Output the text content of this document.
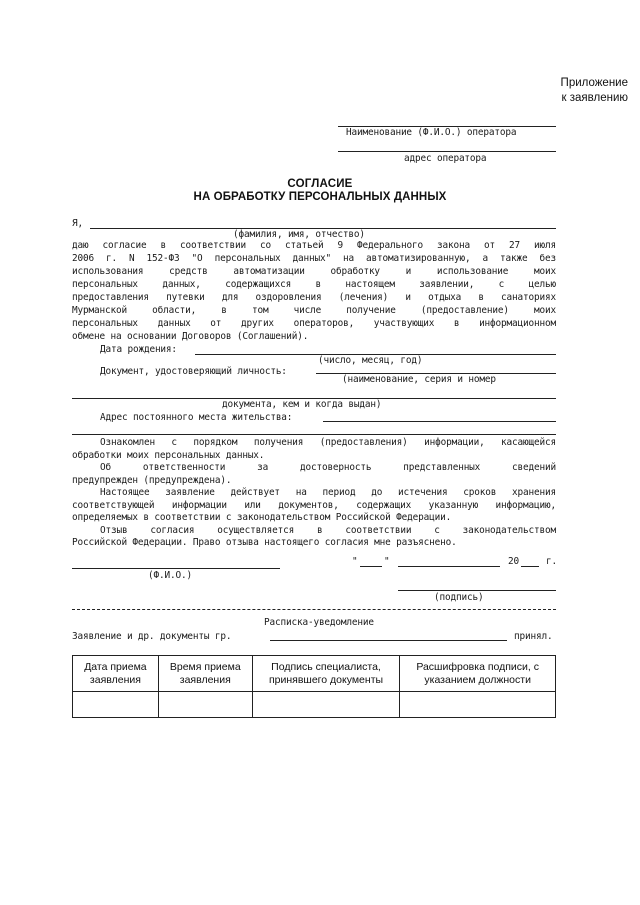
Приложение
к заявлению
Наименование (Ф.И.О.) оператора
адрес оператора
СОГЛАСИЕ
НА ОБРАБОТКУ ПЕРСОНАЛЬНЫХ ДАННЫХ
Я,
(фамилия, имя, отчество)
даю согласие в соответствии со статьей 9 Федерального закона от 27 июля
2006 г. N 152-ФЗ "О персональных данных" на автоматизированную, а также без
использования средств автоматизации обработку и использование моих
персональных данных, содержащихся в настоящем заявлении, с целью
предоставления путевки для оздоровления (лечения) и отдыха в санаториях
Мурманской области, в том числе получение (предоставление) моих
персональных данных от других операторов, участвующих в информационном
обмене на основании Договоров (Соглашений).
Дата рождения:
(число, месяц, год)
Документ, удостоверяющий личность:
(наименование, серия и номер
документа, кем и когда выдан)
Адрес постоянного места жительства:
Ознакомлен с порядком получения (предоставления) информации, касающейся
обработки моих персональных данных.
Об ответственности за достоверность представленных сведений
предупрежден (предупреждена).
Настоящее заявление действует на период до истечения сроков хранения
соответствующей информации или документов, содержащих указанную информацию,
определяемых в соответствии с законодательством Российской Федерации.
Отзыв согласия осуществляется в соответствии с законодательством
Российской Федерации. Право отзыва настоящего согласия мне разъяснено.
(Ф.И.О.)
"	"	20	г.
(подпись)
Расписка-уведомление
Заявление и др. документы гр.	принял.
Дата приема заявления	Время приема заявления	Подпись специалиста, принявшего документы	Расшифровка подписи, с указанием должности
